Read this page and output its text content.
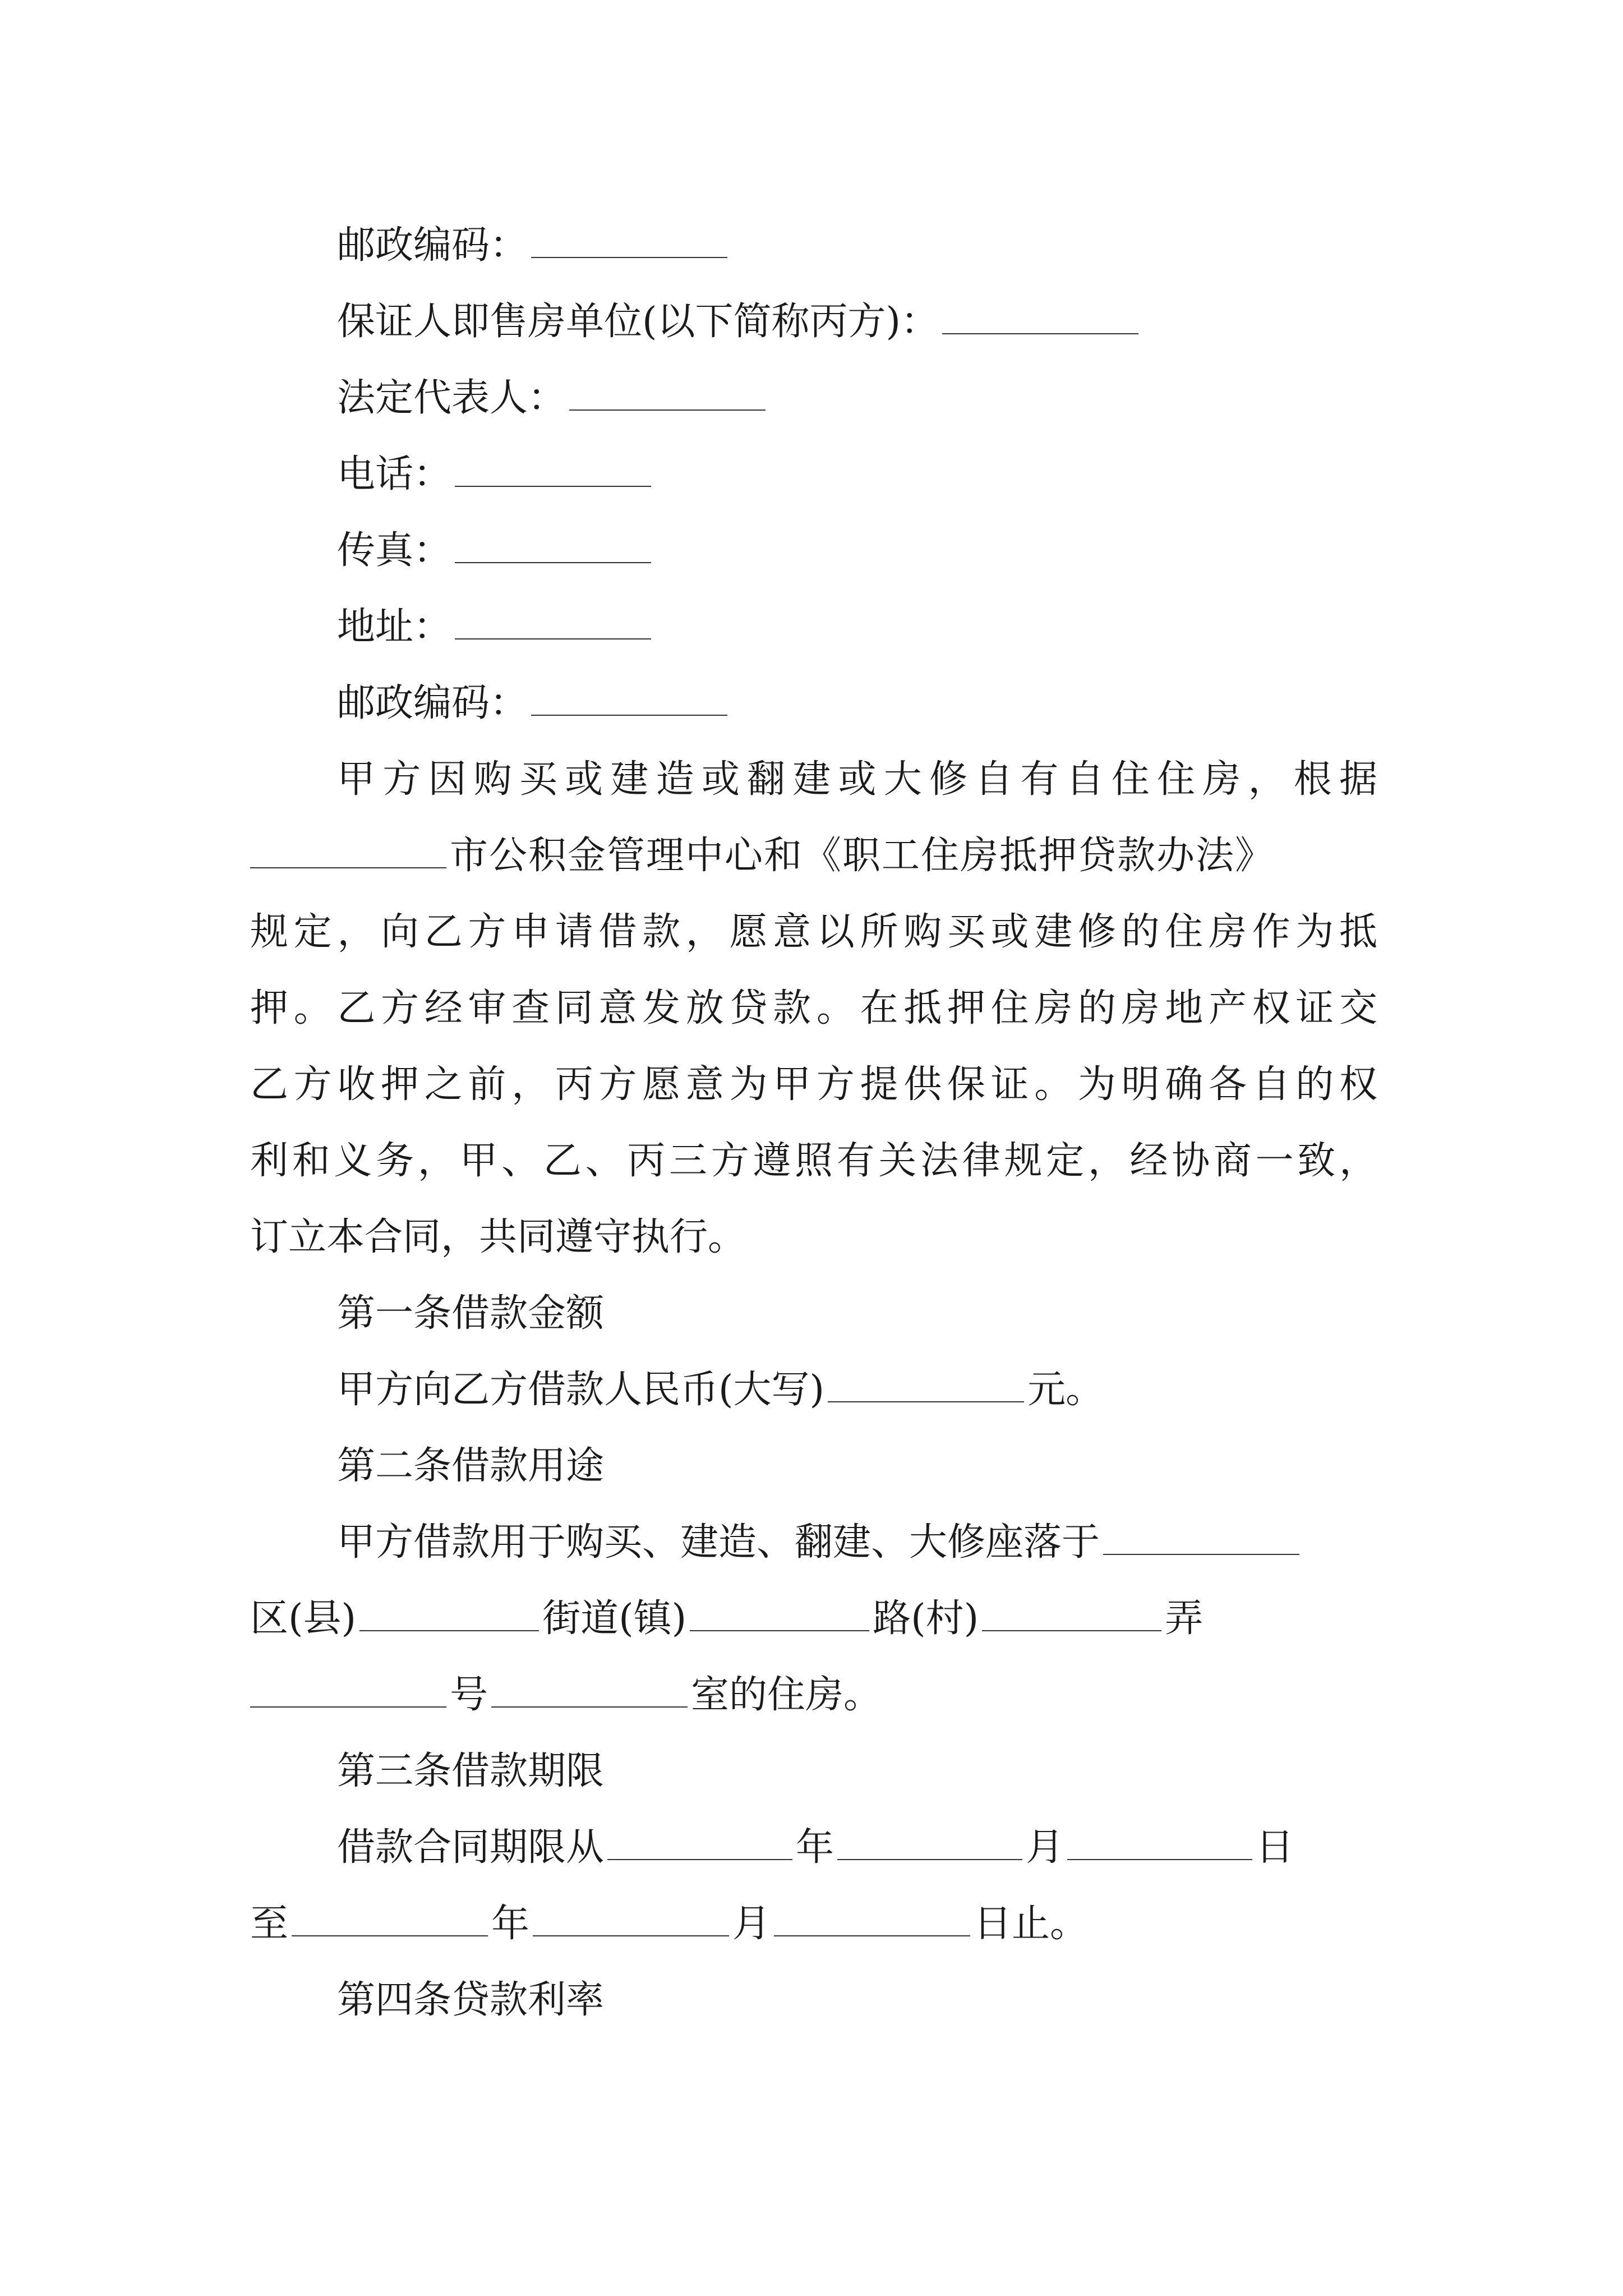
邮政编码：
保证人即售房单位(以下简称丙方)：
法定代表人：
电话：
传真：
地址：
邮政编码：
甲方因购买或建造或翻建或大修自有自住住房，根据
市公积金管理中心和《职工住房抵押贷款办法》
规定，向乙方申请借款，愿意以所购买或建修的住房作为抵
押。乙方经审查同意发放贷款。在抵押住房的房地产权证交
乙方收押之前，丙方愿意为甲方提供保证。为明确各自的权
利和义务，甲、乙、丙三方遵照有关法律规定，经协商一致，
订立本合同，共同遵守执行。
第一条借款金额
甲方向乙方借款人民币(大写)	元。
第二条借款用途
甲方借款用于购买、建造、翻建、大修座落于
区(县)	街道(镇)	路(村)	弄
号	室的住房。
第三条借款期限
借款合同期限从	年	月	日
至	年	月	日止。
第四条贷款利率
